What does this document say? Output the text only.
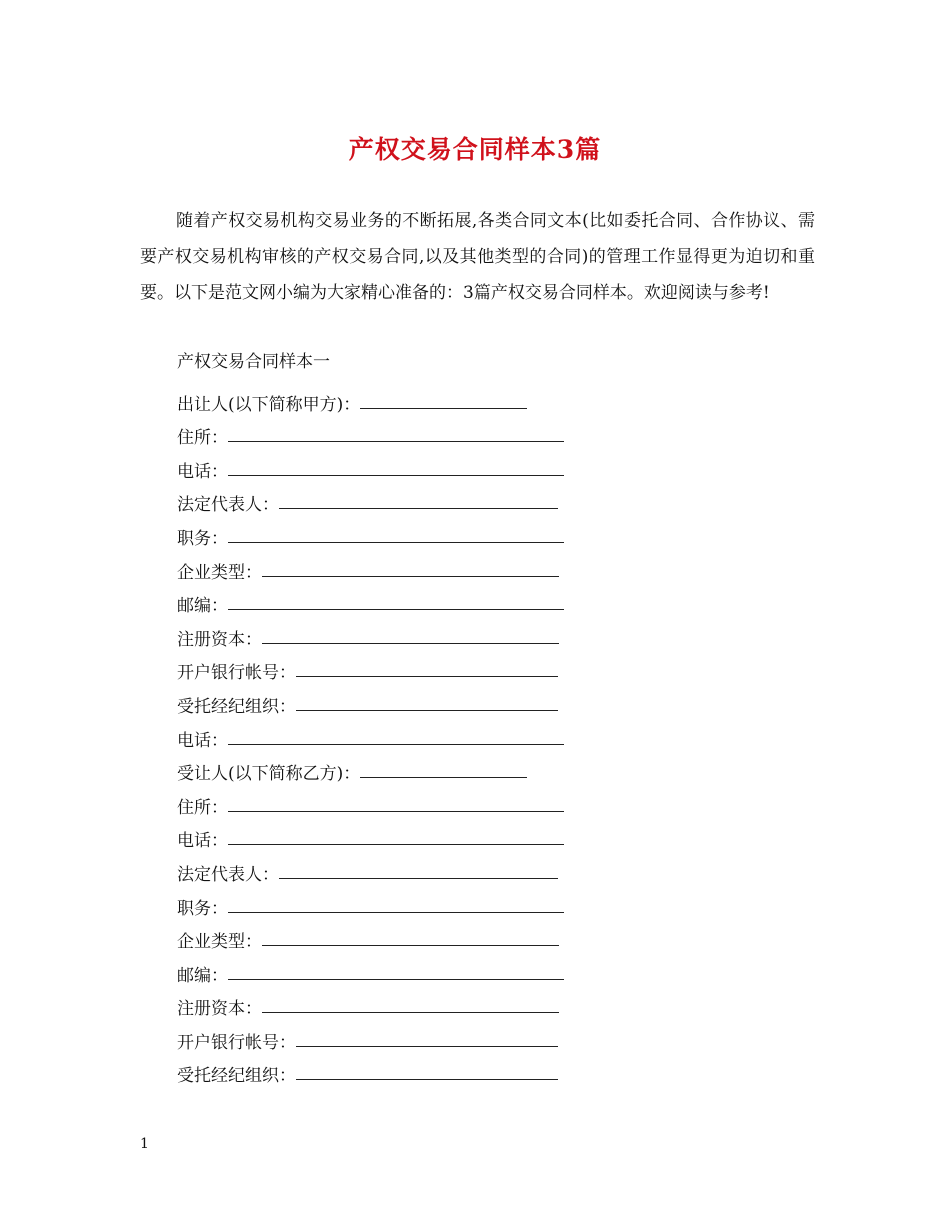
产权交易合同样本3篇

随着产权交易机构交易业务的不断拓展,各类合同文本(比如委托合同、合作协议、需要产权交易机构审核的产权交易合同,以及其他类型的合同)的管理工作显得更为迫切和重要。以下是范文网小编为大家精心准备的：3篇产权交易合同样本。欢迎阅读与参考!

产权交易合同样本一
出让人(以下简称甲方)：
住所：
电话：
法定代表人：
职务：
企业类型：
邮编：
注册资本：
开户银行帐号：
受托经纪组织：
电话：
受让人(以下简称乙方)：
住所：
电话：
法定代表人：
职务：
企业类型：
邮编：
注册资本：
开户银行帐号：
受托经纪组织：
1
